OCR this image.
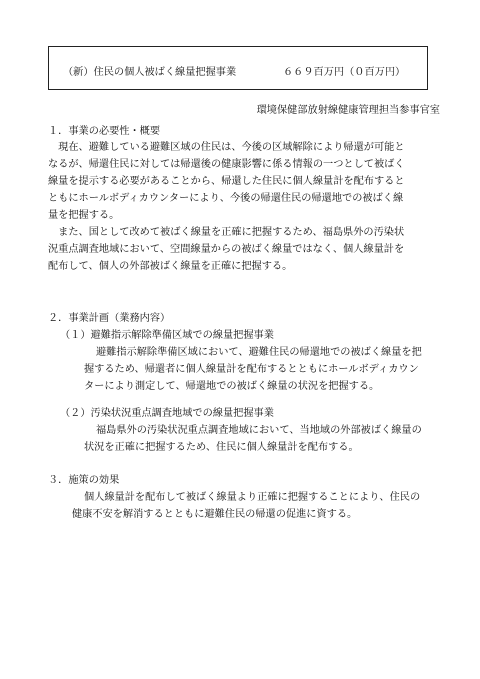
（新）住民の個人被ばく線量把握事業	６６９百万円（０百万円）
環境保健部放射線健康管理担当参事官室
１．事業の必要性・概要
　現在、避難している避難区域の住民は、今後の区域解除により帰還が可能と
なるが、帰還住民に対しては帰還後の健康影響に係る情報の一つとして被ばく
線量を提示する必要があることから、帰還した住民に個人線量計を配布すると
ともにホールボディカウンターにより、今後の帰還住民の帰還地での被ばく線
量を把握する。
　また、国として改めて被ばく線量を正確に把握するため、福島県外の汚染状
況重点調査地域において、空間線量からの被ばく線量ではなく、個人線量計を
配布して、個人の外部被ばく線量を正確に把握する。
２．事業計画（業務内容）
（１）避難指示解除準備区域での線量把握事業
避難指示解除準備区域において、避難住民の帰還地での被ばく線量を把
握するため、帰還者に個人線量計を配布するとともにホールボディカウン
ターにより測定して、帰還地での被ばく線量の状況を把握する。
（２）汚染状況重点調査地域での線量把握事業
福島県外の汚染状況重点調査地域において、当地域の外部被ばく線量の
状況を正確に把握するため、住民に個人線量計を配布する。
３．施策の効果
個人線量計を配布して被ばく線量より正確に把握することにより、住民の
健康不安を解消するとともに避難住民の帰還の促進に資する。
